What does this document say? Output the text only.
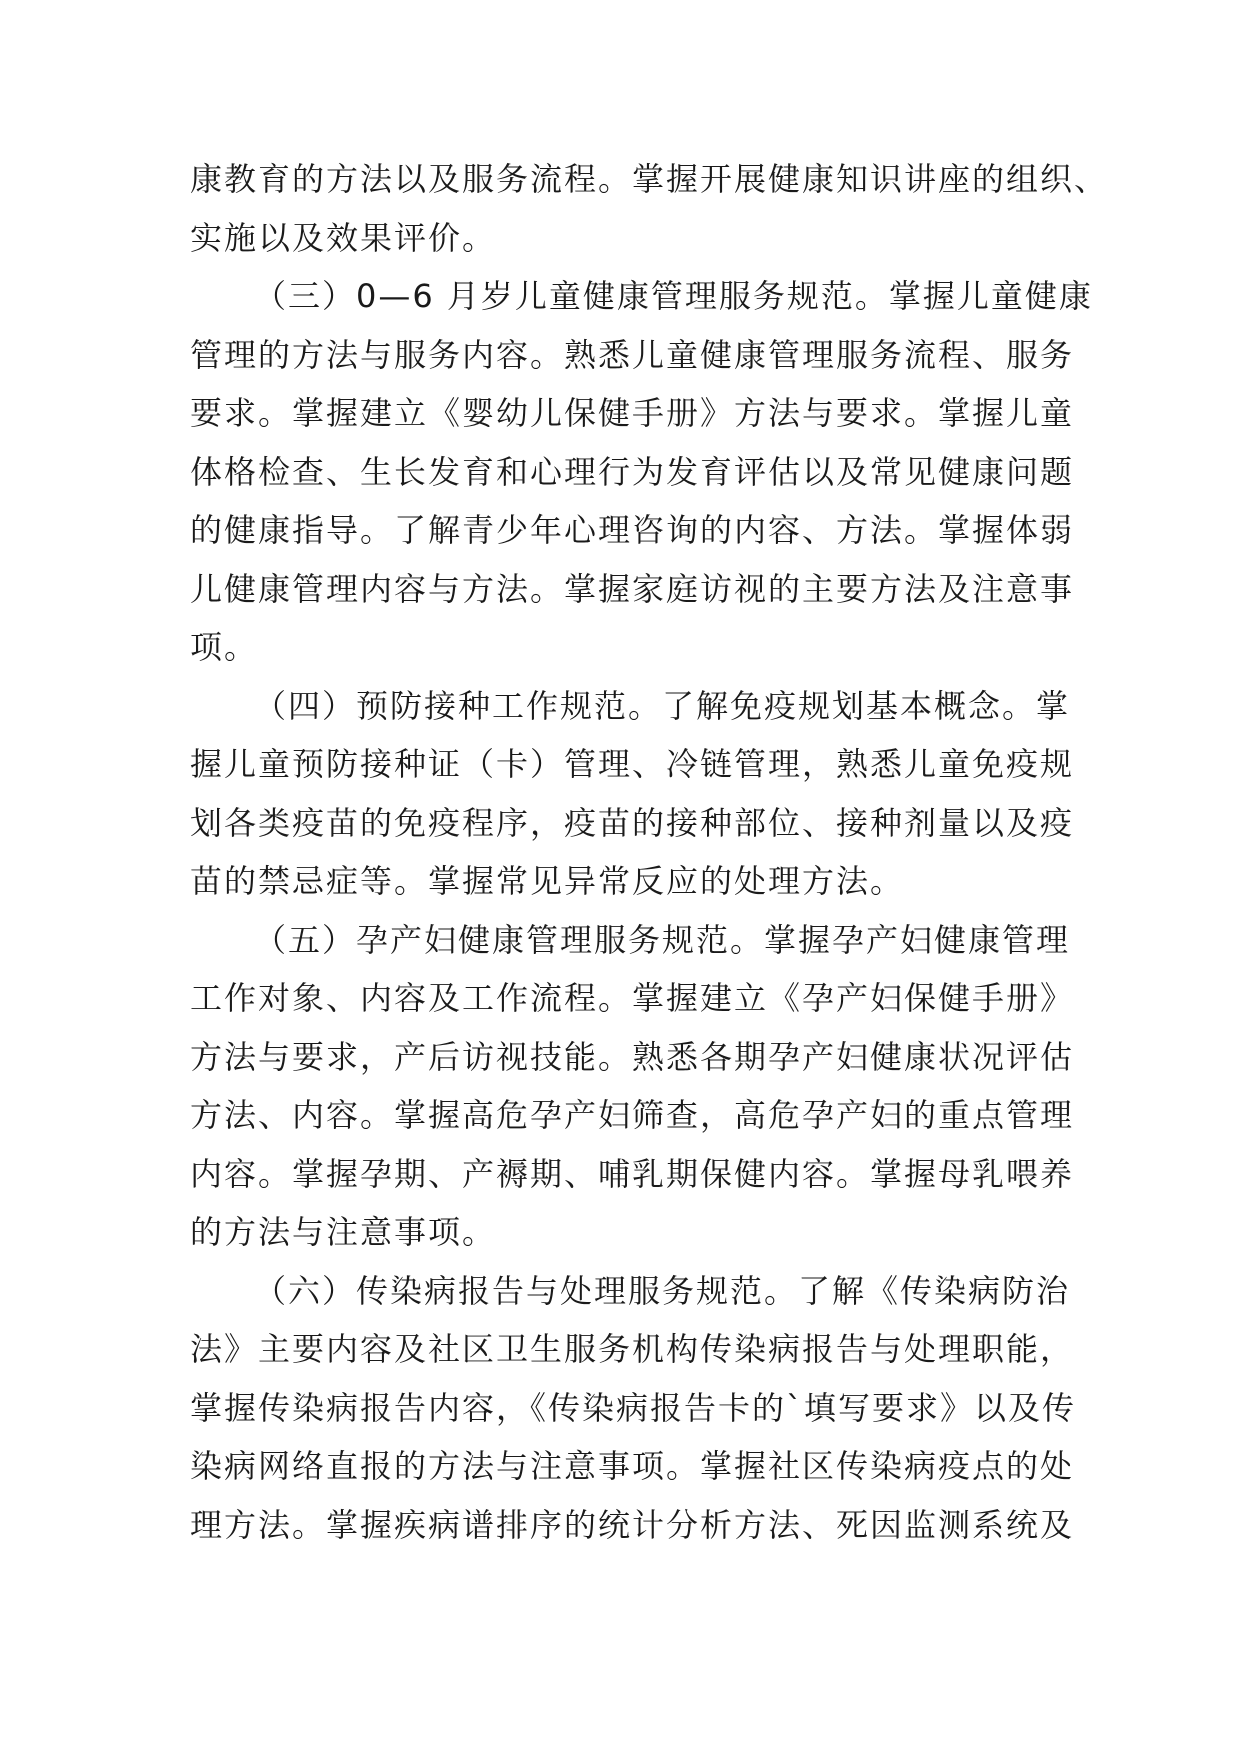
康教育的方法以及服务流程。掌握开展健康知识讲座的组织、
实施以及效果评价。
（三）0—6 月岁儿童健康管理服务规范。掌握儿童健康
管理的方法与服务内容。熟悉儿童健康管理服务流程、服务
要求。掌握建立《婴幼儿保健手册》方法与要求。掌握儿童
体格检查、生长发育和心理行为发育评估以及常见健康问题
的健康指导。了解青少年心理咨询的内容、方法。掌握体弱
儿健康管理内容与方法。掌握家庭访视的主要方法及注意事
项。
（四）预防接种工作规范。了解免疫规划基本概念。掌
握儿童预防接种证（卡）管理、冷链管理，熟悉儿童免疫规
划各类疫苗的免疫程序，疫苗的接种部位、接种剂量以及疫
苗的禁忌症等。掌握常见异常反应的处理方法。
（五）孕产妇健康管理服务规范。掌握孕产妇健康管理
工作对象、内容及工作流程。掌握建立《孕产妇保健手册》
方法与要求，产后访视技能。熟悉各期孕产妇健康状况评估
方法、内容。掌握高危孕产妇筛查，高危孕产妇的重点管理
内容。掌握孕期、产褥期、哺乳期保健内容。掌握母乳喂养
的方法与注意事项。
（六）传染病报告与处理服务规范。了解《传染病防治
法》主要内容及社区卫生服务机构传染病报告与处理职能，
掌握传染病报告内容，《传染病报告卡的`填写要求》以及传
染病网络直报的方法与注意事项。掌握社区传染病疫点的处
理方法。掌握疾病谱排序的统计分析方法、死因监测系统及
